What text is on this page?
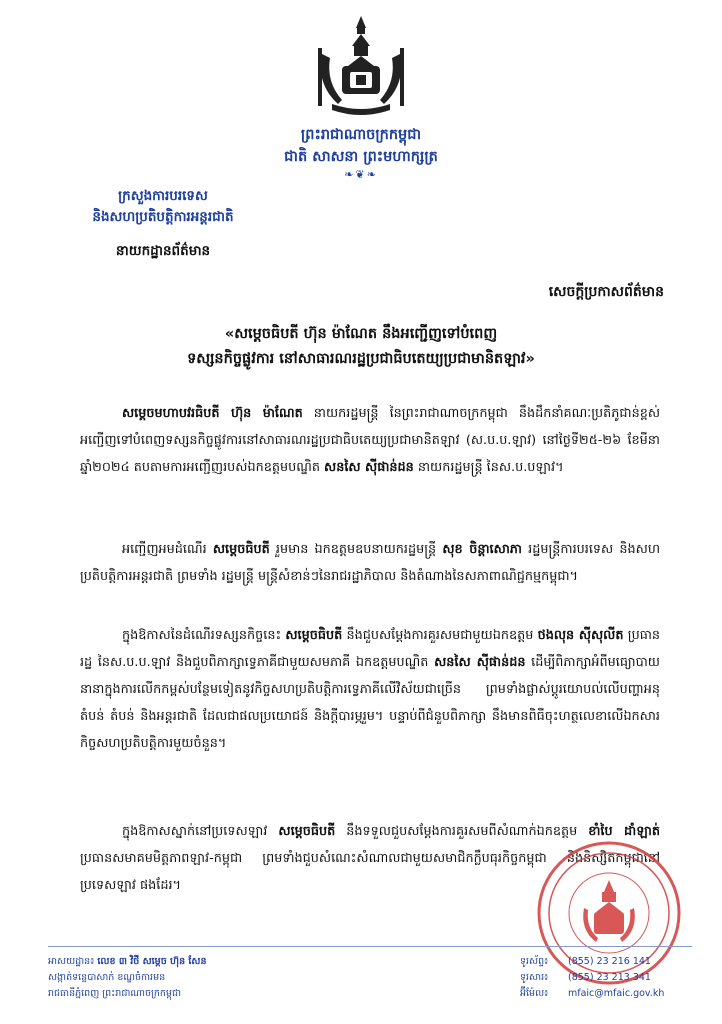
ព្រះរាជាណាចក្រកម្ពុជា
ជាតិ សាសនា ព្រះមហាក្សត្រ
❧❦❧
ក្រសួងការបរទេស
និងសហប្រតិបត្តិការអន្តរជាតិ
នាយកដ្ឋានព័ត៌មាន
សេចក្តីប្រកាសព័ត៌មាន
«សម្តេចធិបតី ហ៊ុន ម៉ាណែត នឹងអញ្ជើញទៅបំពេញ
ទស្សនកិច្ចផ្លូវការ នៅសាធារណរដ្ឋប្រជាធិបតេយ្យប្រជាមានិតឡាវ»
សម្តេចមហាបវរធិបតី ហ៊ុន ម៉ាណែត នាយករដ្ឋមន្ត្រី នៃព្រះរាជាណាចក្រកម្ពុជា នឹងដឹកនាំគណៈប្រតិភូជាន់ខ្ពស់អញ្ជើញទៅបំពេញទស្សនកិច្ចផ្លូវការនៅសាធារណរដ្ឋប្រជាធិបតេយ្យប្រជាមានិតឡាវ (ស.ប.ប.ឡាវ) នៅថ្ងៃទី២៥-២៦ ខែមីនា ឆ្នាំ២០២៤ តបតាមការអញ្ជើញរបស់ឯកឧត្តមបណ្ឌិត សនសៃ ស៊ីផាន់ដន នាយករដ្ឋមន្ត្រី នៃស.ប.បឡាវ។
អញ្ជើញអមដំណើរ សម្តេចធិបតី រួមមាន ឯកឧត្តមឧបនាយករដ្ឋមន្ត្រី សុខ ចិន្តាសោភា រដ្ឋមន្ត្រីការបរទេស និងសហប្រតិបត្តិការអន្តរជាតិ ព្រមទាំង រដ្ឋមន្ត្រី មន្ត្រីសំខាន់ៗនៃរាជរដ្ឋាភិបាល និងតំណាងនៃសភាពាណិជ្ជកម្មកម្ពុជា។
ក្នុងឱកាសនៃដំណើរទស្សនកិច្ចនេះ សម្តេចធិបតី នឹងជួបសម្តែងការគួរសមជាមួយឯកឧត្តម ថងលុន ស៊ីសុលីត ប្រធានរដ្ឋ នៃស.ប.ប.ឡាវ និងជួបពិភាក្សាទ្វេភាគីជាមួយសមភាគី ឯកឧត្តមបណ្ឌិត សនសៃ ស៊ីផាន់ដន ដើម្បីពិភាក្សាអំពីមធ្យោបាយនានាក្នុងការលើកកម្ពស់បន្ថែមទៀតនូវកិច្ចសហប្រតិបត្តិការទ្វេភាគីលើវិស័យជាច្រើន ព្រមទាំងផ្លាស់ប្តូរយោបល់លើបញ្ហាអនុតំបន់ តំបន់ និងអន្តរជាតិ ដែលជាផលប្រយោជន៍ និងក្តីបារម្ភរួម។ បន្ទាប់ពីជំនួបពិភាក្សា នឹងមានពិធីចុះហត្ថលេខាលើឯកសារកិច្ចសហប្រតិបត្តិការមួយចំនួន។
ក្នុងឱកាសស្នាក់នៅប្រទេសឡាវ សម្តេចធិបតី នឹងទទួលជួបសម្តែងការគួរសមពីសំណាក់ឯកឧត្តម ខាំបៃ ដាំឡាត់ ប្រធានសមាគមមិត្តភាពឡាវ-កម្ពុជា ព្រមទាំងជួបសំណេះសំណាលជាមួយសមាជិកក្លឹបធុរកិច្ចកម្ពុជា និងនិស្សិតកម្ពុជានៅប្រទេសឡាវ ផងដែរ។
អាសយដ្ឋាន៖ លេខ ៣ វិថី សម្តេច ហ៊ុន សែន
សង្កាត់ទន្លេបាសាក់ ខណ្ឌចំការមន
រាជធានីភ្នំពេញ ព្រះរាជាណាចក្រកម្ពុជា
ទូរស័ព្ទ៖ (855) 23 216 141
ទូរសារ៖ (855) 23 213 341
អ៊ីម៉ែល៖ mfaic@mfaic.gov.kh
